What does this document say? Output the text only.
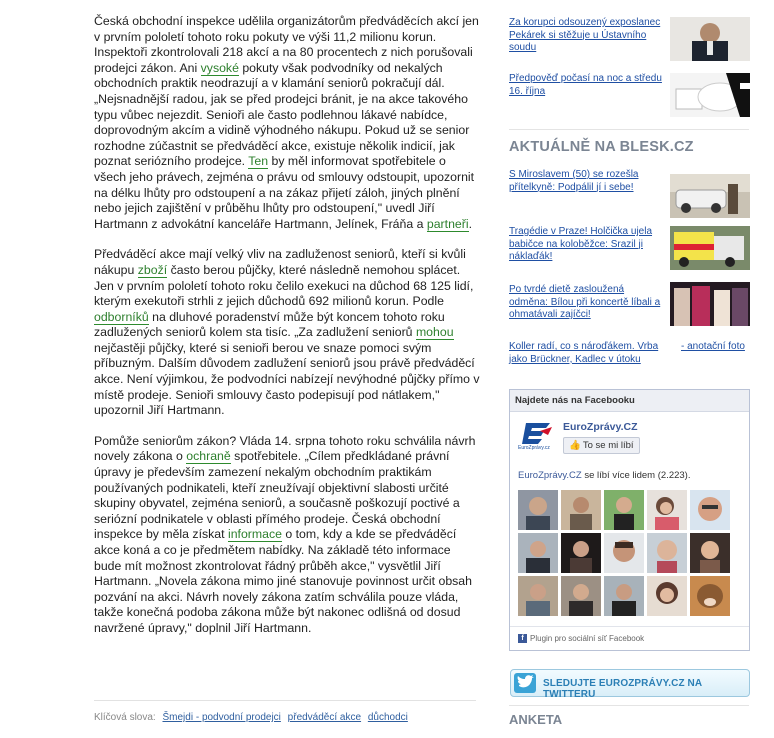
Česká obchodní inspekce udělila organizátorům předváděcích akcí jen v prvním pololetí tohoto roku pokuty ve výši 11,2 milionu korun. Inspektoři zkontrolovali 218 akcí a na 80 procentech z nich porušovali prodejci zákon. Ani vysoké pokuty však podvodníky od nekalých obchodních praktik neodrazují a v klamání seniorů pokračují dál. „Nejsnadnější radou, jak se před prodejci bránit, je na akce takového typu vůbec nejezdit. Senioři ale často podlehnou lákavé nabídce, doprovodným akcím a vidině výhodného nákupu. Pokud už se senior rozhodne zúčastnit se předváděcí akce, existuje několik indicií, jak poznat seriózního prodejce. Ten by měl informovat spotřebitele o všech jeho právech, zejména o právu od smlouvy odstoupit, upozornit na délku lhůty pro odstoupení a na zákaz přijetí záloh, jiných plnění nebo jejich zajištění v průběhu lhůty pro odstoupení," uvedl Jiří Hartmann z advokátní kanceláře Hartmann, Jelínek, Fráňa a partneři.

Předváděcí akce mají velký vliv na zadluženost seniorů, kteří si kvůli nákupu zboží často berou půjčky, které následně nemohou splácet. Jen v prvním pololetí tohoto roku čelilo exekuci na důchod 68 125 lidí, kterým exekutoři strhli z jejich důchodů 692 milionů korun. Podle odborníků na dluhové poradenství může být koncem tohoto roku zadlužených seniorů kolem sta tisíc. „Za zadlužení seniorů mohou nejčastěji půjčky, které si senioři berou ve snaze pomoci svým příbuzným. Dalším důvodem zadlužení seniorů jsou právě předváděcí akce. Není výjimkou, že podvodníci nabízejí nevýhodné půjčky přímo v místě prodeje. Senioři smlouvy často podepisují pod nátlakem," upozornil Jiří Hartmann.

Pomůže seniorům zákon? Vláda 14. srpna tohoto roku schválila návrh novely zákona o ochraně spotřebitele. „Cílem předkládané právní úpravy je především zamezení nekalým obchodním praktikám používaných podnikateli, kteří zneužívají objektivní slabosti určité skupiny obyvatel, zejména seniorů, a současně poškozují poctivé a seriózní podnikatele v oblasti přímého prodeje. Česká obchodní inspekce by měla získat informace o tom, kdy a kde se předváděcí akce koná a co je předmětem nabídky. Na základě této informace bude mít možnost zkontrolovat řádný průběh akce," vysvětlil Jiří Hartmann. „Novela zákona mimo jiné stanovuje povinnost určit obsah pozvání na akci. Návrh novely zákona zatím schválila pouze vláda, takže konečná podoba zákona může být nakonec odlišná od dosud navržené úpravy," doplnil Jiří Hartmann.

Klíčová slova: Šmejdi - podvodní prodejci předváděcí akce důchodci
Za korupci odsouzený exposlanec Pekárek si stěžuje u Ústavního soudu
Předpověď počasí na noc a středu 16. října
AKTUÁLNĚ NA BLESK.CZ
S Miroslavem (50) se rozešla přítelkyně: Podpálil jí i sebe!
Tragédie v Praze! Holčička ujela babičce na koloběžce: Srazil ji náklaďák!
Po tvrdé dietě zasloužená odměna: Bílou při koncertě líbali a ohmatávali zajíčci!
Koller radí, co s nároďákem. Vrba jako Brückner, Kadlec v útoku
- anotační foto
Najdete nás na Facebooku
EuroZprávy.cz
EuroZprávy.CZ
👍 To se mi líbí
EuroZprávy.CZ se líbí více lidem (2.223).
f Plugin pro sociální síť Facebook
SLEDUJTE EUROZPRÁVY.CZ NA TWITTERU
ANKETA
